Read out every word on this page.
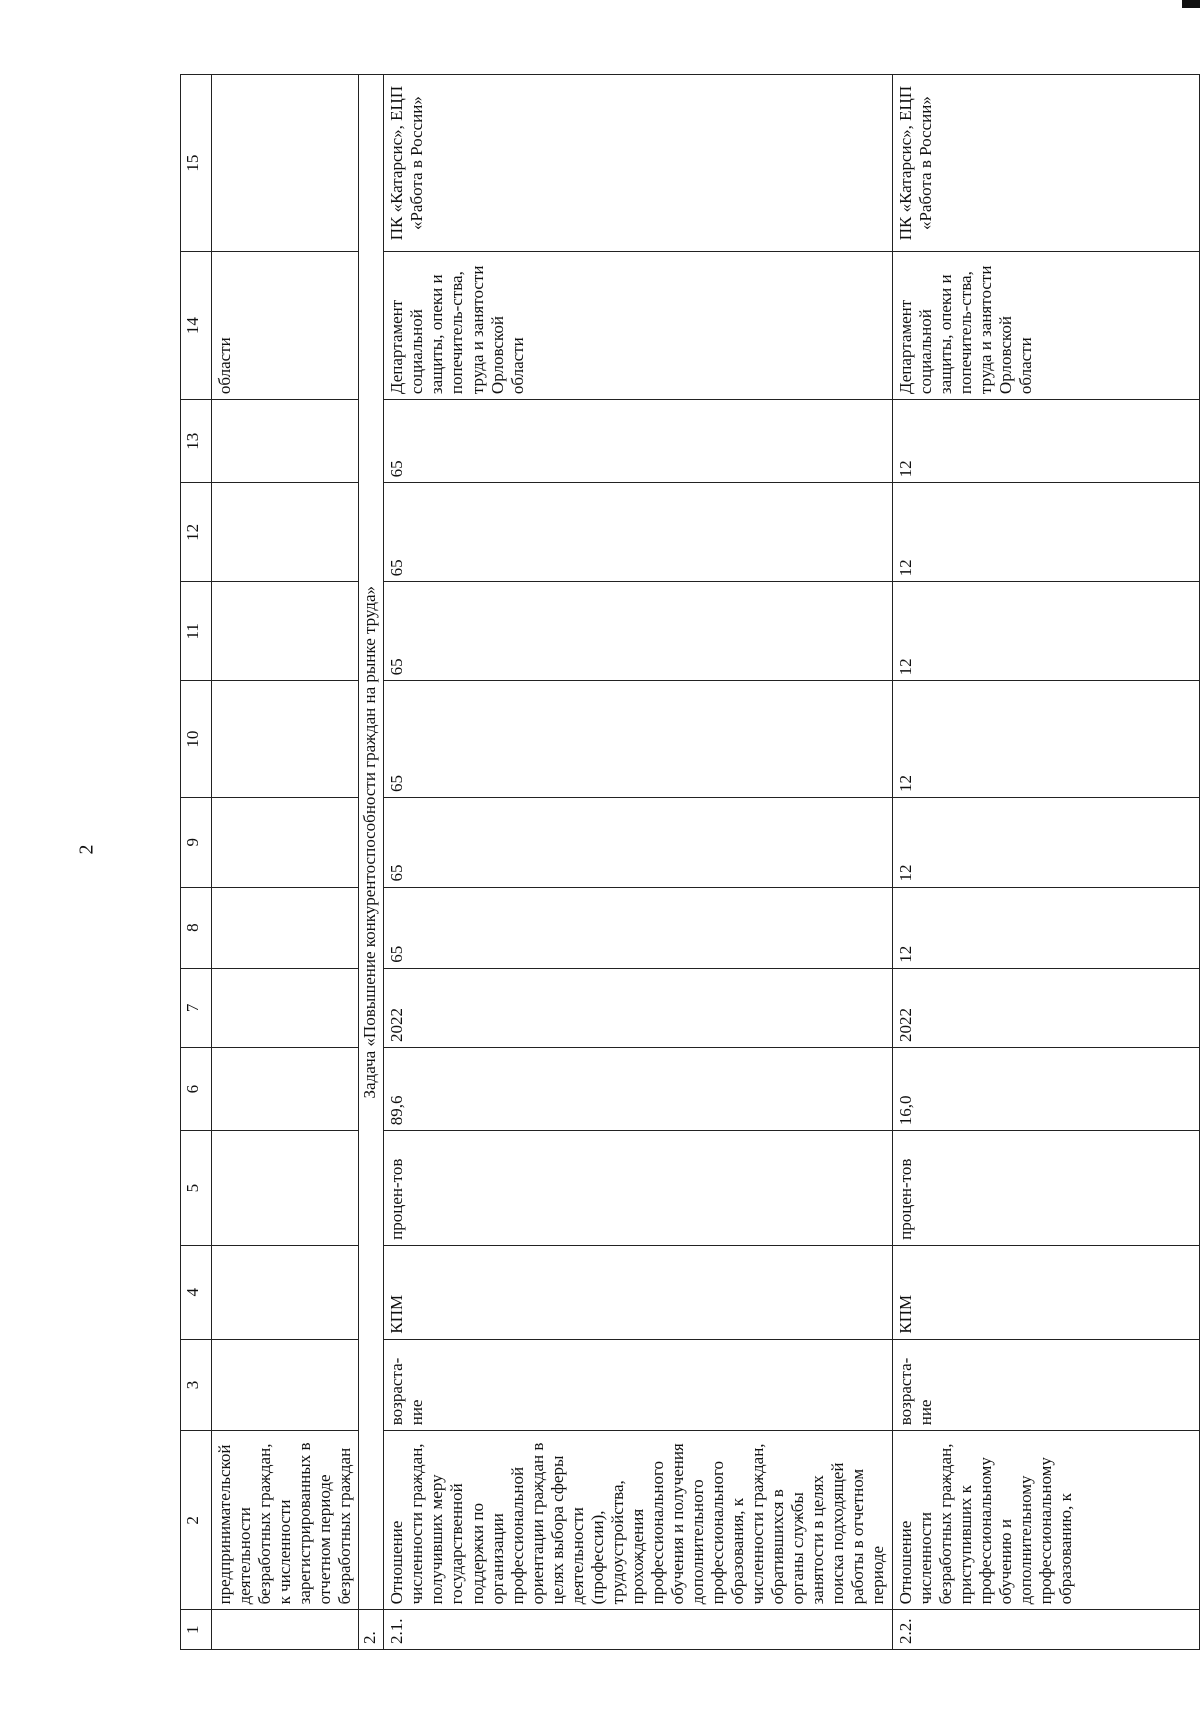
2
1	2	3	4	5	6	7	8	9	10	11	12	13	14	15
	предпринимательской деятельности безработных граждан, к численности зарегистрированных в отчетном периоде безработных граждан												области	
2.	Задача «Повышение конкурентоспособности граждан на рынке труда»													
2.1.	Отношение численности граждан, получивших меру государственной поддержки по организации профессиональной ориентации граждан в целях выбора сферы деятельности (профессии), трудоустройства, прохождения профессионального обучения и получения дополнительного профессионального образования, к численности граждан, обратившихся в органы службы занятости в целях поиска подходящей работы в отчетном периоде	возраста-ние	КПМ	процен-тов	89,6	2022	65	65	65	65	65	65	Департамент социальной защиты, опеки и попечитель-ства, труда и занятости Орловской области	ПК «Катарсис», ЕЦП «Работа в России»
2.2.	Отношение численности безработных граждан, приступивших к профессиональному обучению и дополнительному профессиональному образованию, к	возраста-ние	КПМ	процен-тов	16,0	2022	12	12	12	12	12	12	Департамент социальной защиты, опеки и попечитель-ства, труда и занятости Орловской области	ПК «Катарсис», ЕЦП «Работа в России»
